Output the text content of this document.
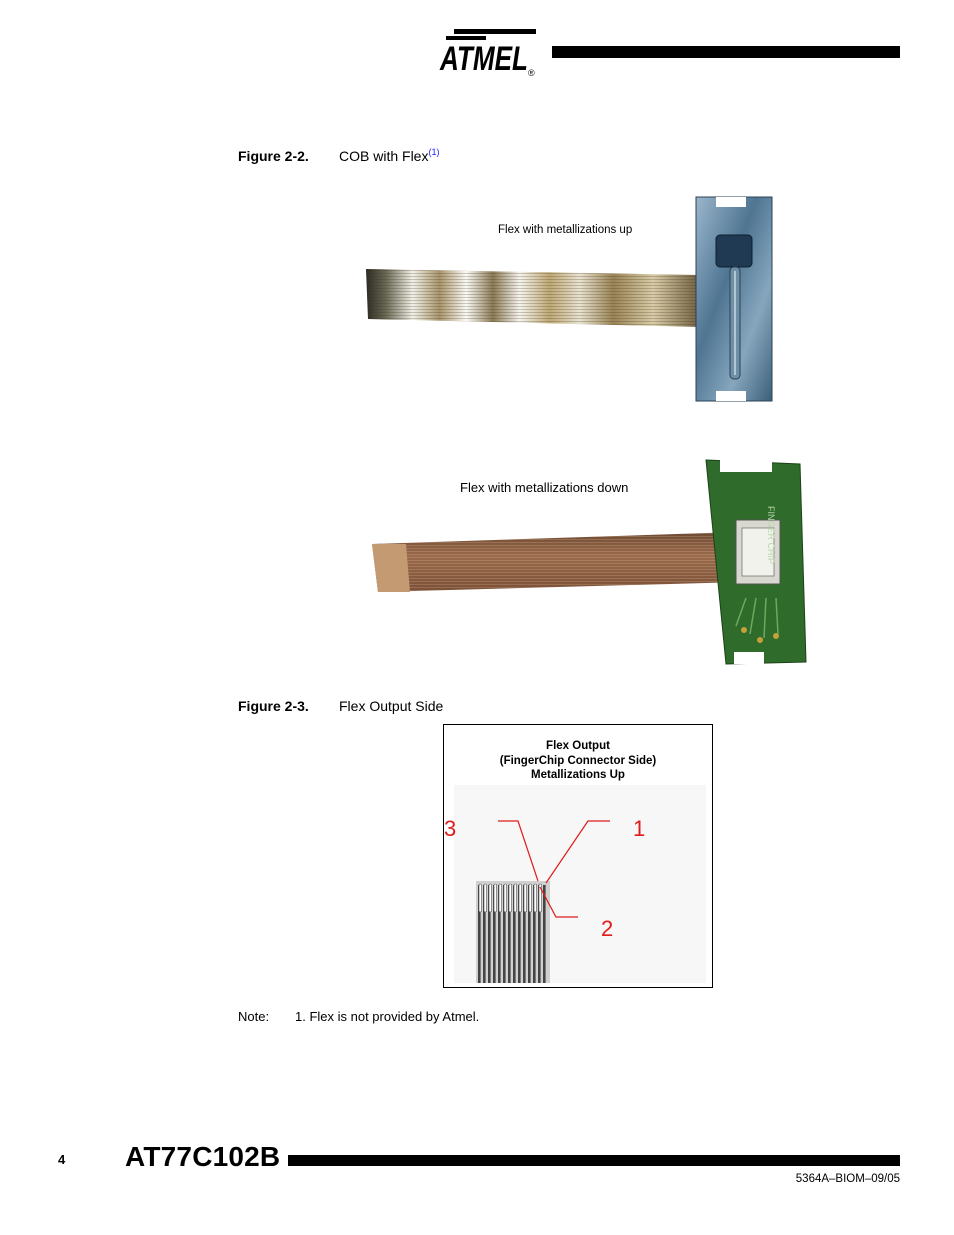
ATMEL ®
Figure 2-2. COB with Flex$^{(1)}$
Flex with metallizations up
FINGER CHIP
Flex with metallizations down
Figure 2-3. Flex Output Side
Flex Output
(FingerChip Connector Side)
Metallizations Up
3	1
2
Note: 1. Flex is not provided by Atmel.
4 AT77C102B
5364A–BIOM–09/05
